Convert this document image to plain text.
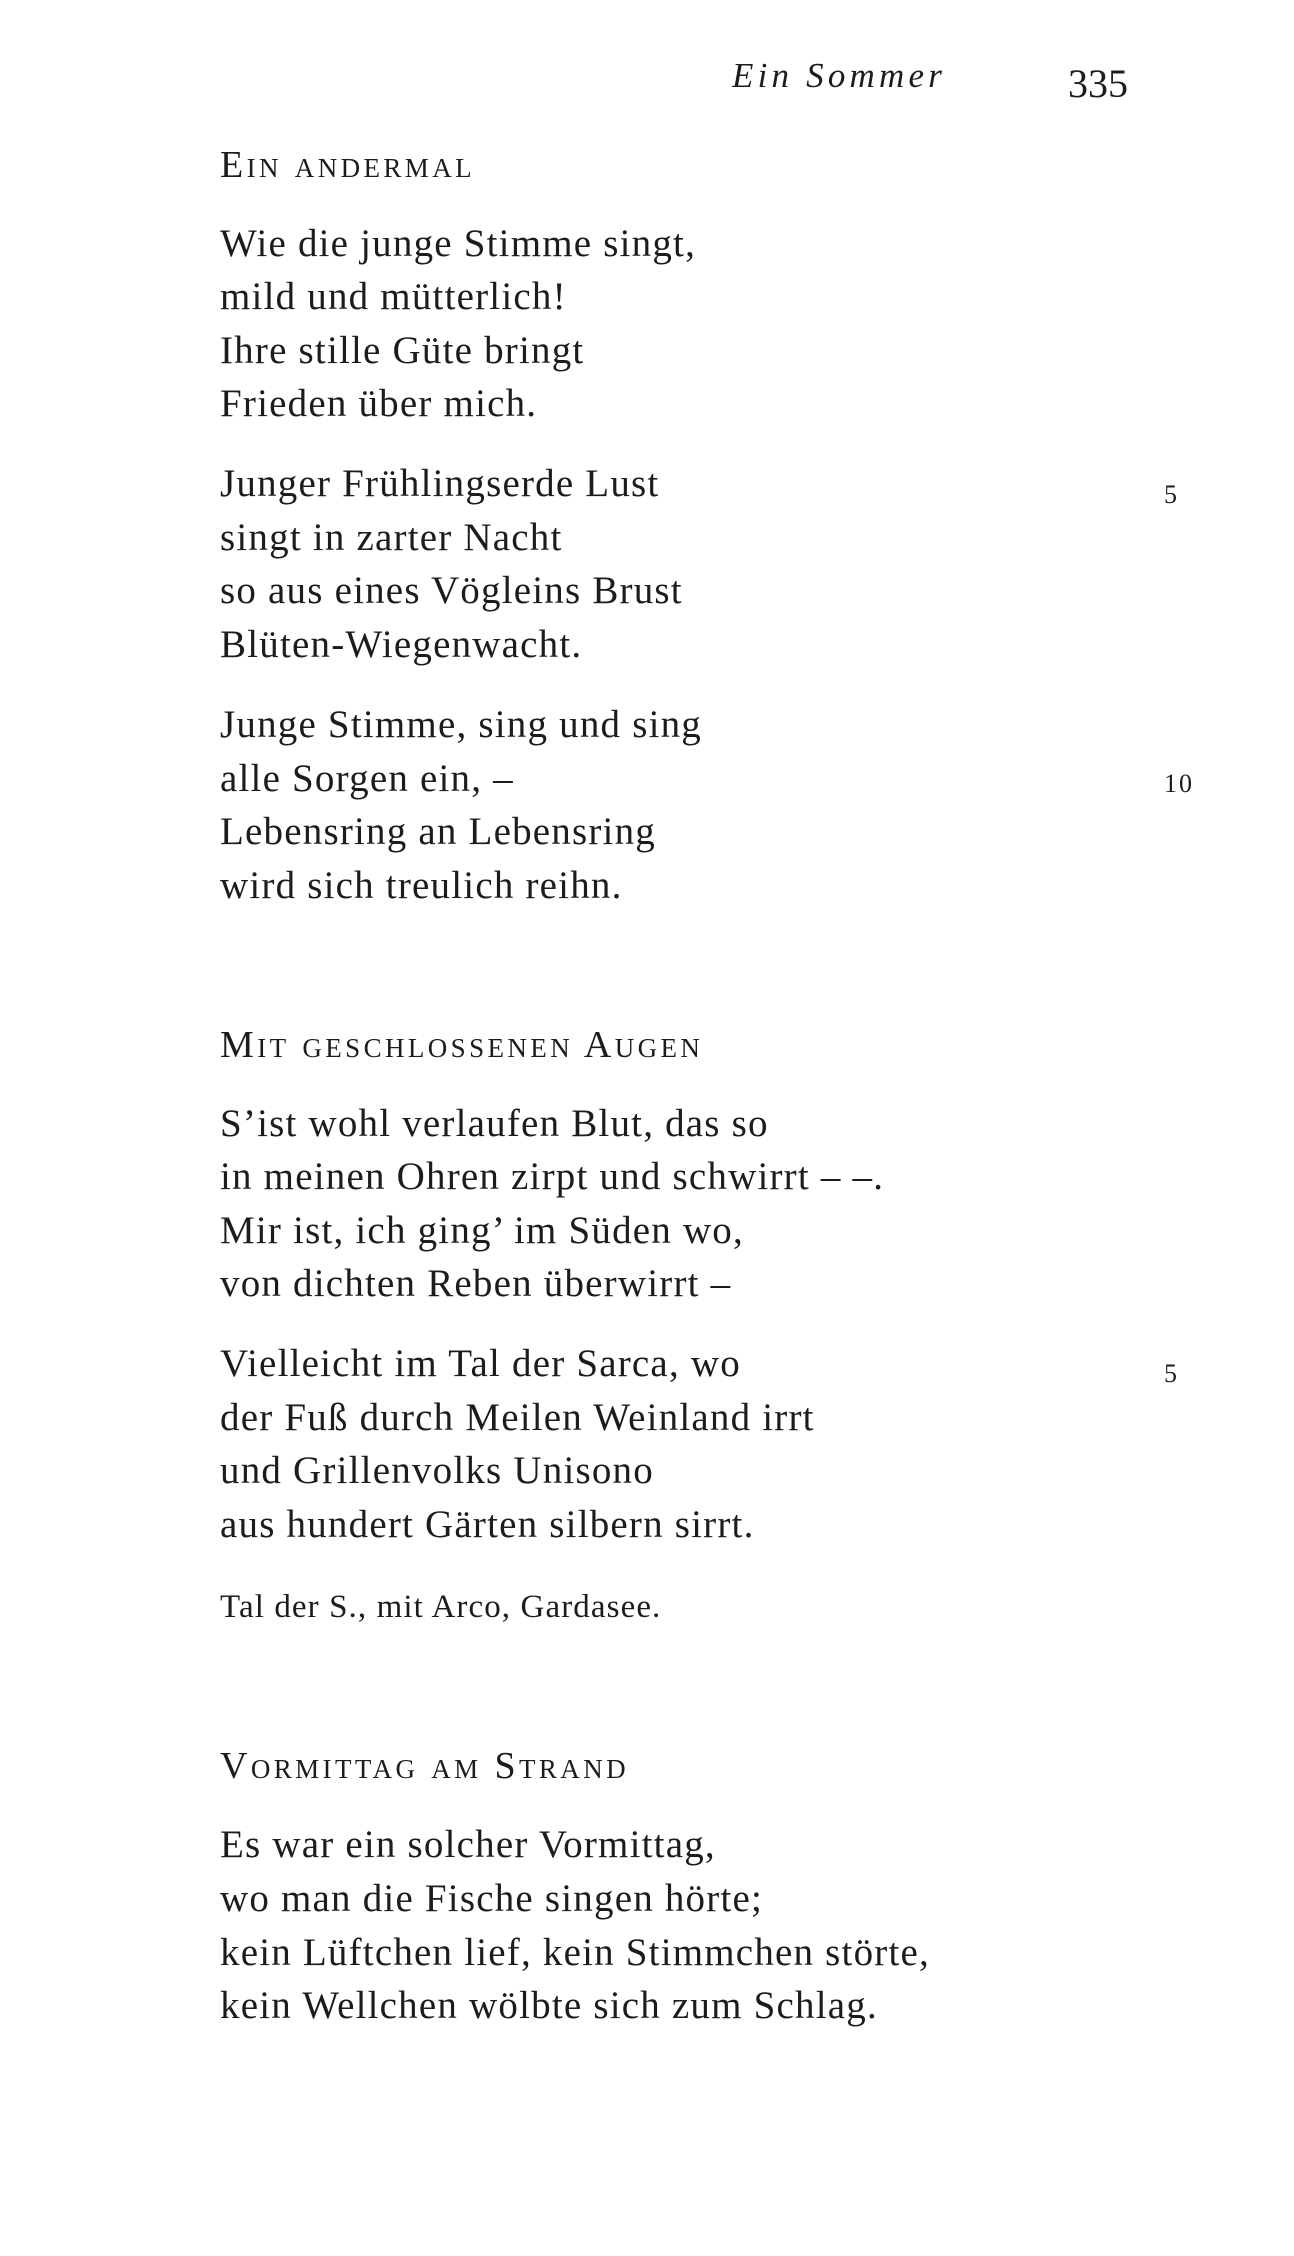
Ein Sommer	335
Ein andermal
Wie die junge Stimme singt,
mild und mütterlich!
Ihre stille Güte bringt
Frieden über mich.
Junger Frühlingserde Lust
singt in zarter Nacht
so aus eines Vögleins Brust
Blüten-Wiegenwacht.
Junge Stimme, sing und sing
alle Sorgen ein, –
Lebensring an Lebensring
wird sich treulich reihn.
5
10
Mit geschlossenen Augen
S’ist wohl verlaufen Blut, das so
in meinen Ohren zirpt und schwirrt – –.
Mir ist, ich ging’ im Süden wo,
von dichten Reben überwirrt –
Vielleicht im Tal der Sarca, wo
der Fuß durch Meilen Weinland irrt
und Grillenvolks Unisono
aus hundert Gärten silbern sirrt.
5
Tal der S., mit Arco, Gardasee.
Vormittag am Strand
Es war ein solcher Vormittag,
wo man die Fische singen hörte;
kein Lüftchen lief, kein Stimmchen störte,
kein Wellchen wölbte sich zum Schlag.
